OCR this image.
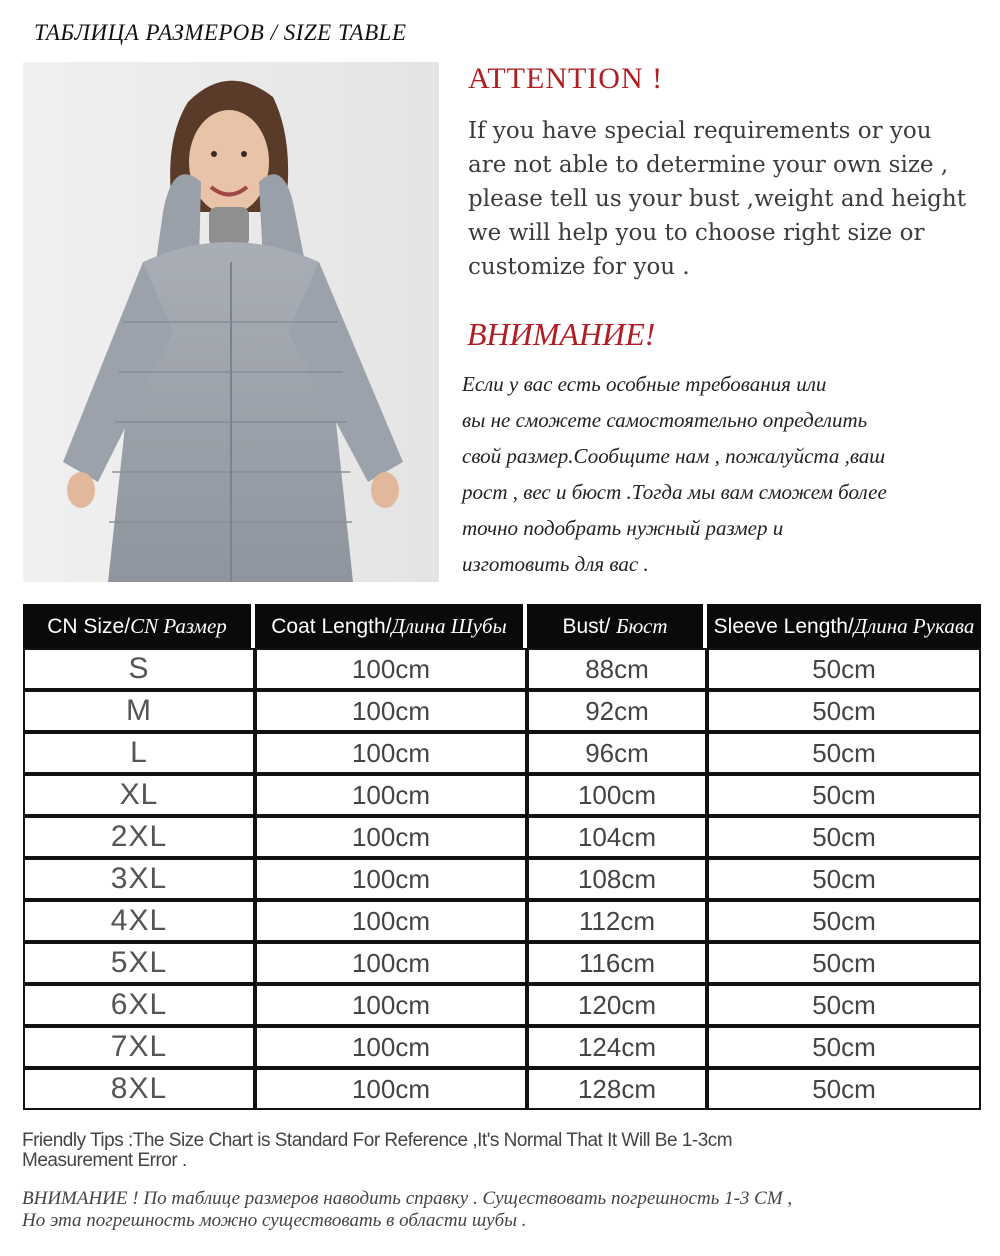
ТАБЛИЦА РАЗМЕРОВ / SIZE TABLE
ATTENTION !
If you have special requirements or you
are not able to determine your own size ,
please tell us your bust ,weight and height
we will help you to choose right size or
customize for you .
ВНИМАНИЕ!
Если у вас есть особные требования или
вы не сможете самостоятельно определить
свой размер.Сообщите нам , пожалуйста ,ваш
рост , вес и бюст .Тогда мы вам сможем более
точно подобрать нужный размер и
изготовить для вас .
CN Size/CN Размер	Coat Length/Длина Шубы	Bust/ Бюст	Sleeve Length/Длина Рукава
S	100cm	88cm	50cm
M	100cm	92cm	50cm
L	100cm	96cm	50cm
XL	100cm	100cm	50cm
2XL	100cm	104cm	50cm
3XL	100cm	108cm	50cm
4XL	100cm	112cm	50cm
5XL	100cm	116cm	50cm
6XL	100cm	120cm	50cm
7XL	100cm	124cm	50cm
8XL	100cm	128cm	50cm
Friendly Tips :The Size Chart is Standard For Reference ,It's Normal That It Will Be 1-3cm
Measurement Error .
ВНИМАНИЕ ! По таблице размеров наводить справку . Существовать погрешность 1-3 СМ ,
Но эта погрешность можно существовать в области шубы .
